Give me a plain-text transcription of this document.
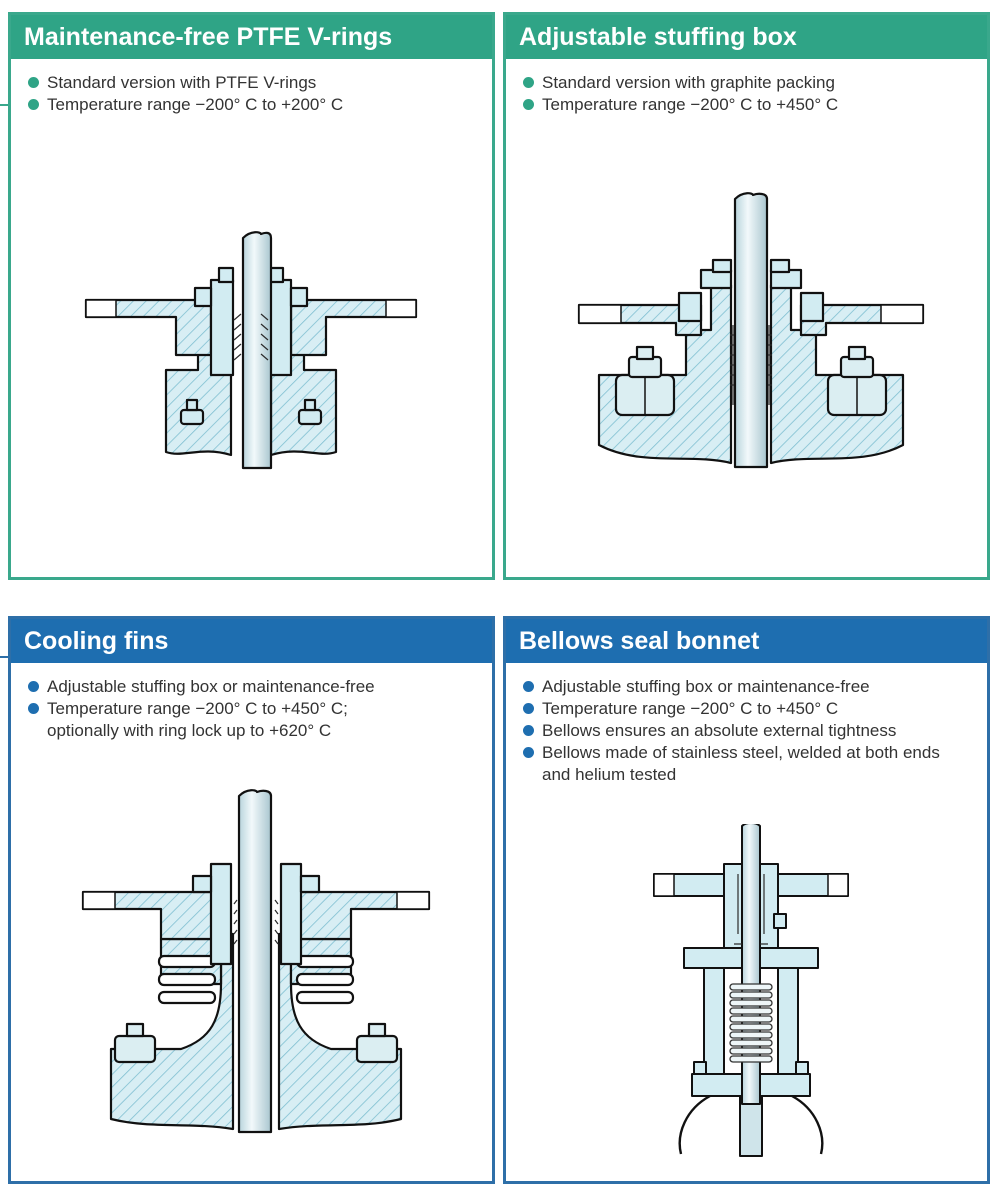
Maintenance-free PTFE V-rings
Standard version with PTFE V-rings
Temperature range −200° C to +200° C
Adjustable stuffing box
Standard version with graphite packing
Temperature range −200° C to +450° C
Cooling fins
Adjustable stuffing box or maintenance-free
Temperature range −200° C to +450° C;
optionally with ring lock up to +620° C
Bellows seal bonnet
Adjustable stuffing box or maintenance-free
Temperature range −200° C to +450° C
Bellows ensures an absolute external tightness
Bellows made of stainless steel, welded at both ends and helium tested
